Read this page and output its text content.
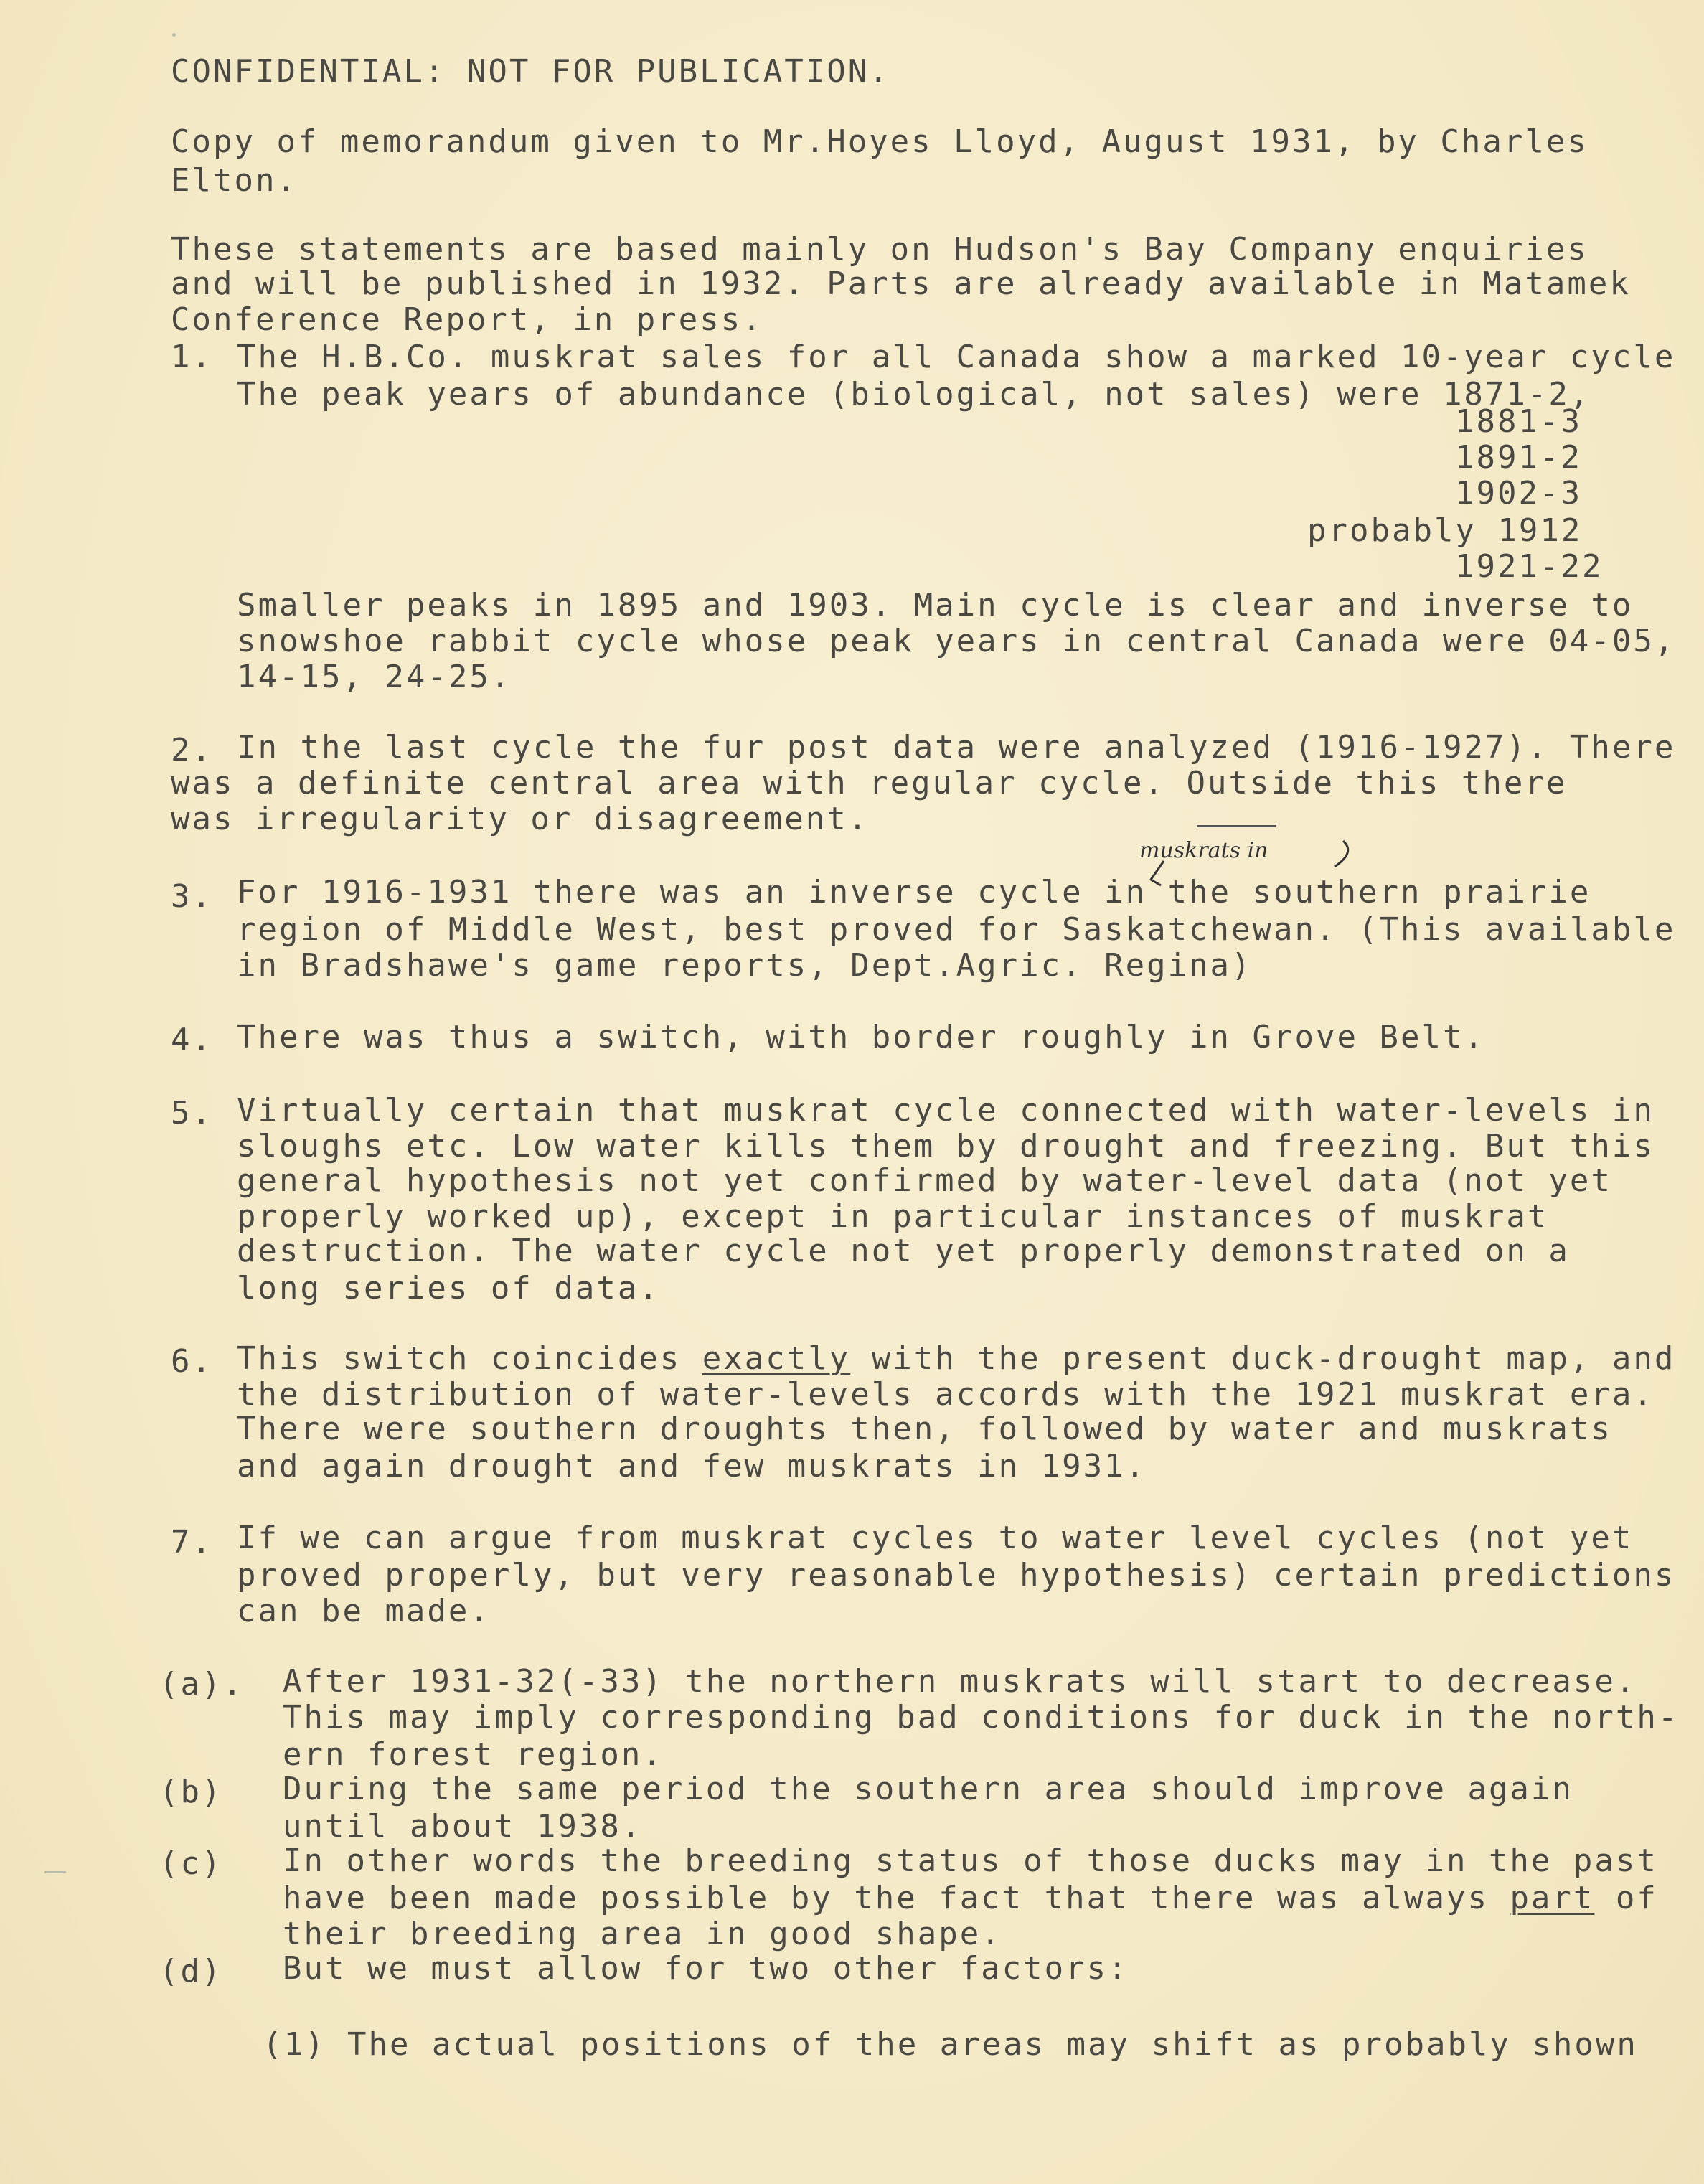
CONFIDENTIAL: NOT FOR PUBLICATION.
Copy of memorandum given to Mr.Hoyes Lloyd, August 1931, by Charles
Elton.
These statements are based mainly on Hudson's Bay Company enquiries
and will be published in 1932. Parts are already available in Matamek
Conference Report, in press.
1. The H.B.Co. muskrat sales for all Canada show a marked 10-year cycle
The peak years of abundance (biological, not sales) were 1871-2,
1881-3
1891-2
1902-3
probably 1912
1921-22
Smaller peaks in 1895 and 1903. Main cycle is clear and inverse to
snowshoe rabbit cycle whose peak years in central Canada were 04-05,
14-15, 24-25.
2. In the last cycle the fur post data were analyzed (1916-1927). There
was a definite central area with regular cycle. Outside this there
was irregularity or disagreement.
muskrats in
3. For 1916-1931 there was an inverse cycle in the southern prairie
region of Middle West, best proved for Saskatchewan. (This available
in Bradshawe's game reports, Dept.Agric. Regina)
4. There was thus a switch, with border roughly in Grove Belt.
5. Virtually certain that muskrat cycle connected with water-levels in
sloughs etc. Low water kills them by drought and freezing. But this
general hypothesis not yet confirmed by water-level data (not yet
properly worked up), except in particular instances of muskrat
destruction. The water cycle not yet properly demonstrated on a
long series of data.
6. This switch coincides exactly with the present duck-drought map, and
the distribution of water-levels accords with the 1921 muskrat era.
There were southern droughts then, followed by water and muskrats
and again drought and few muskrats in 1931.
7. If we can argue from muskrat cycles to water level cycles (not yet
proved properly, but very reasonable hypothesis) certain predictions
can be made.
(a). After 1931-32(-33) the northern muskrats will start to decrease.
This may imply corresponding bad conditions for duck in the north-
ern forest region.
(b) During the same period the southern area should improve again
until about 1938.
(c) In other words the breeding status of those ducks may in the past
have been made possible by the fact that there was always part of
their breeding area in good shape.
(d) But we must allow for two other factors:
(1) The actual positions of the areas may shift as probably shown
